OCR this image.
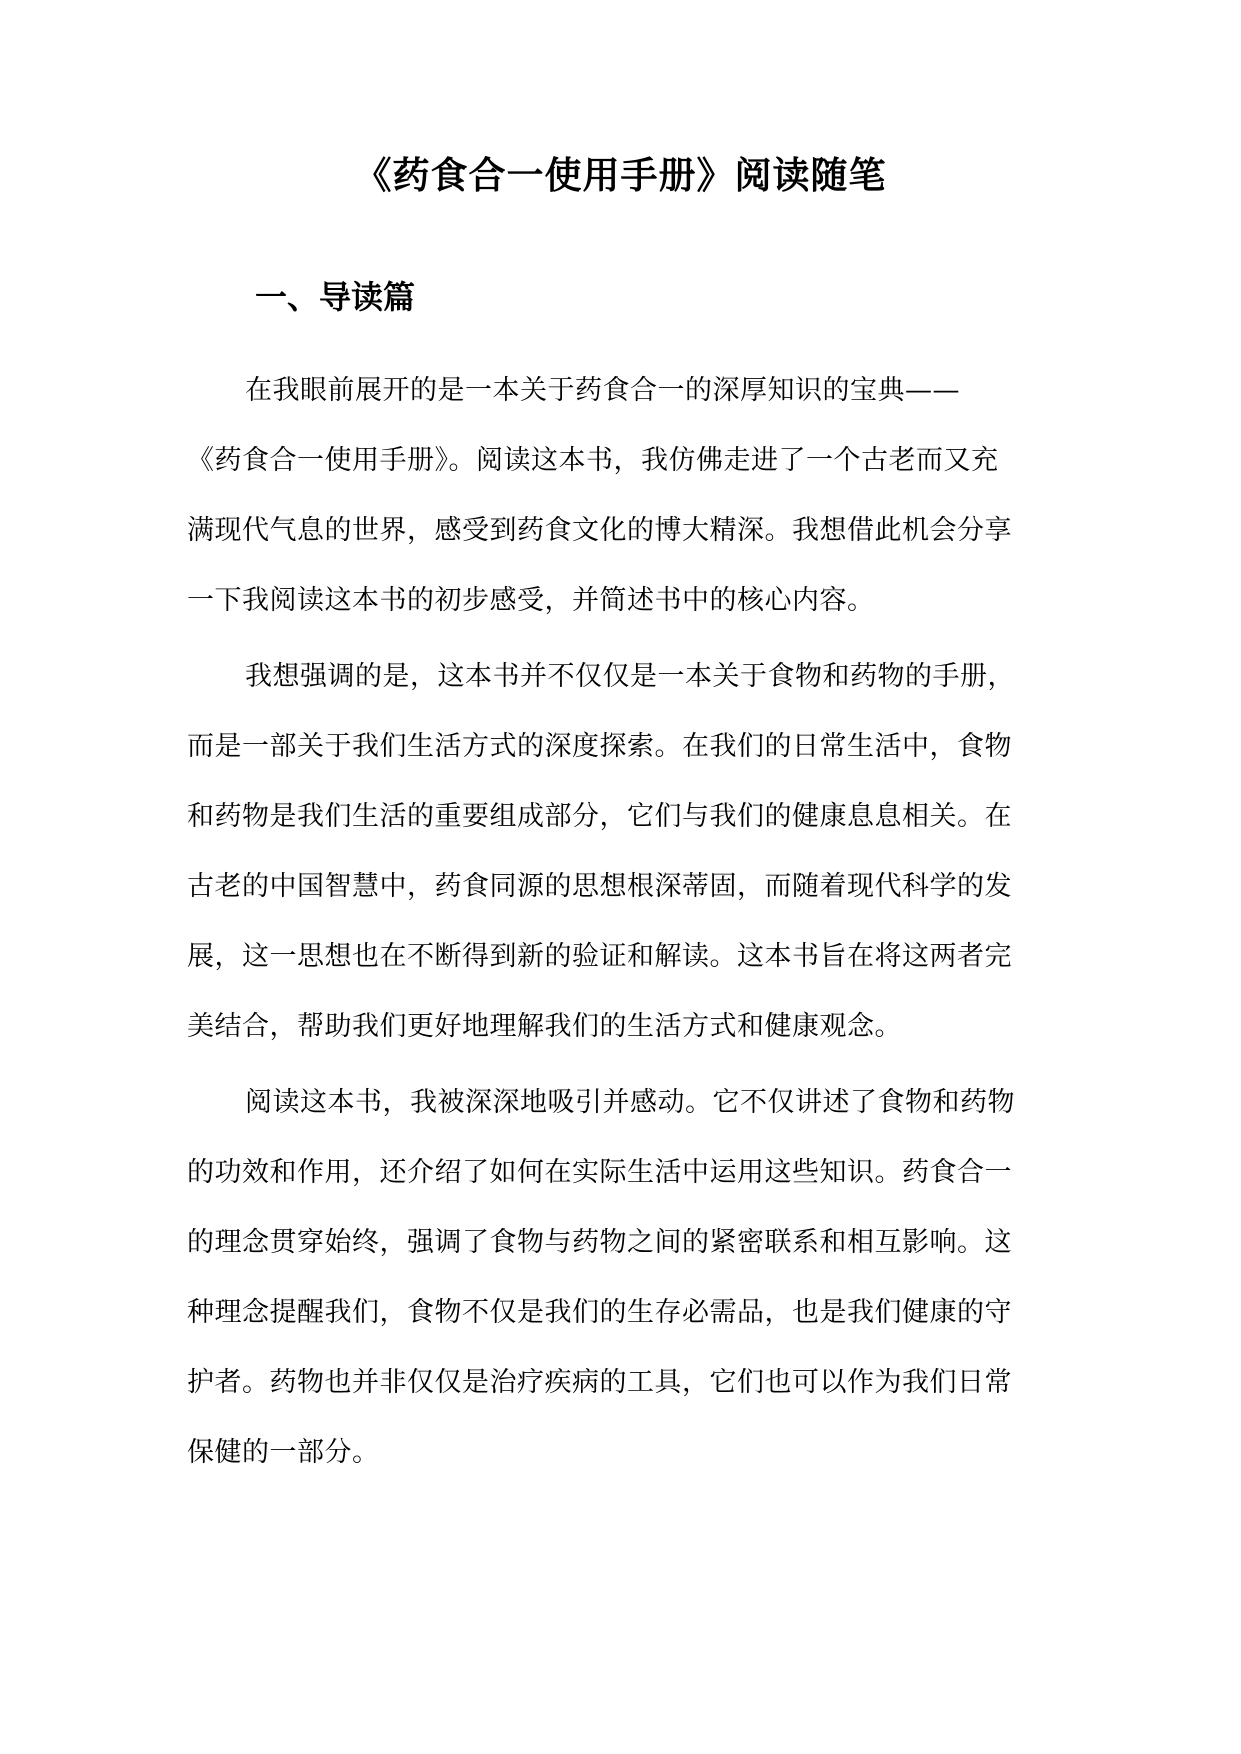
《药食合一使用手册》阅读随笔
一、导读篇

在我眼前展开的是一本关于药食合一的深厚知识的宝典——
《药食合一使用手册》。阅读这本书，我仿佛走进了一个古老而又充
满现代气息的世界，感受到药食文化的博大精深。我想借此机会分享
一下我阅读这本书的初步感受，并简述书中的核心内容。

我想强调的是，这本书并不仅仅是一本关于食物和药物的手册，
而是一部关于我们生活方式的深度探索。在我们的日常生活中，食物
和药物是我们生活的重要组成部分，它们与我们的健康息息相关。在
古老的中国智慧中，药食同源的思想根深蒂固，而随着现代科学的发
展，这一思想也在不断得到新的验证和解读。这本书旨在将这两者完
美结合，帮助我们更好地理解我们的生活方式和健康观念。

阅读这本书，我被深深地吸引并感动。它不仅讲述了食物和药物
的功效和作用，还介绍了如何在实际生活中运用这些知识。药食合一
的理念贯穿始终，强调了食物与药物之间的紧密联系和相互影响。这
种理念提醒我们，食物不仅是我们的生存必需品，也是我们健康的守
护者。药物也并非仅仅是治疗疾病的工具，它们也可以作为我们日常
保健的一部分。
